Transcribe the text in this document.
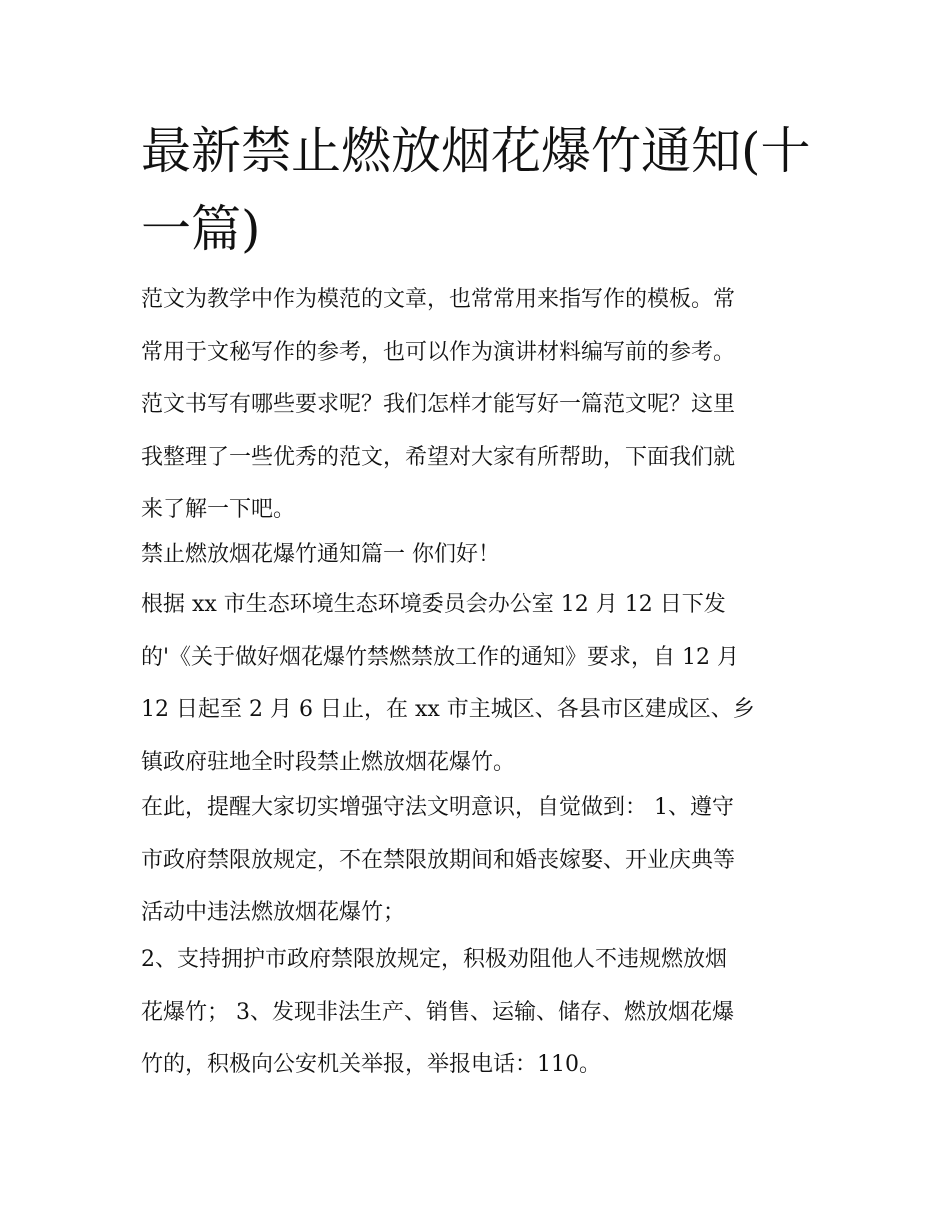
最新禁止燃放烟花爆竹通知(十
一篇)

范文为教学中作为模范的文章，也常常用来指写作的模板。常
常用于文秘写作的参考，也可以作为演讲材料编写前的参考。
范文书写有哪些要求呢？我们怎样才能写好一篇范文呢？这里
我整理了一些优秀的范文，希望对大家有所帮助，下面我们就
来了解一下吧。

禁止燃放烟花爆竹通知篇一 你们好！

根据 xx 市生态环境生态环境委员会办公室 12 月 12 日下发
的'《关于做好烟花爆竹禁燃禁放工作的通知》要求，自 12 月
12 日起至 2 月 6 日止，在 xx 市主城区、各县市区建成区、乡
镇政府驻地全时段禁止燃放烟花爆竹。

在此，提醒大家切实增强守法文明意识，自觉做到： 1、遵守
市政府禁限放规定，不在禁限放期间和婚丧嫁娶、开业庆典等
活动中违法燃放烟花爆竹；

2、支持拥护市政府禁限放规定，积极劝阻他人不违规燃放烟
花爆竹； 3、发现非法生产、销售、运输、储存、燃放烟花爆
竹的，积极向公安机关举报，举报电话：110。
